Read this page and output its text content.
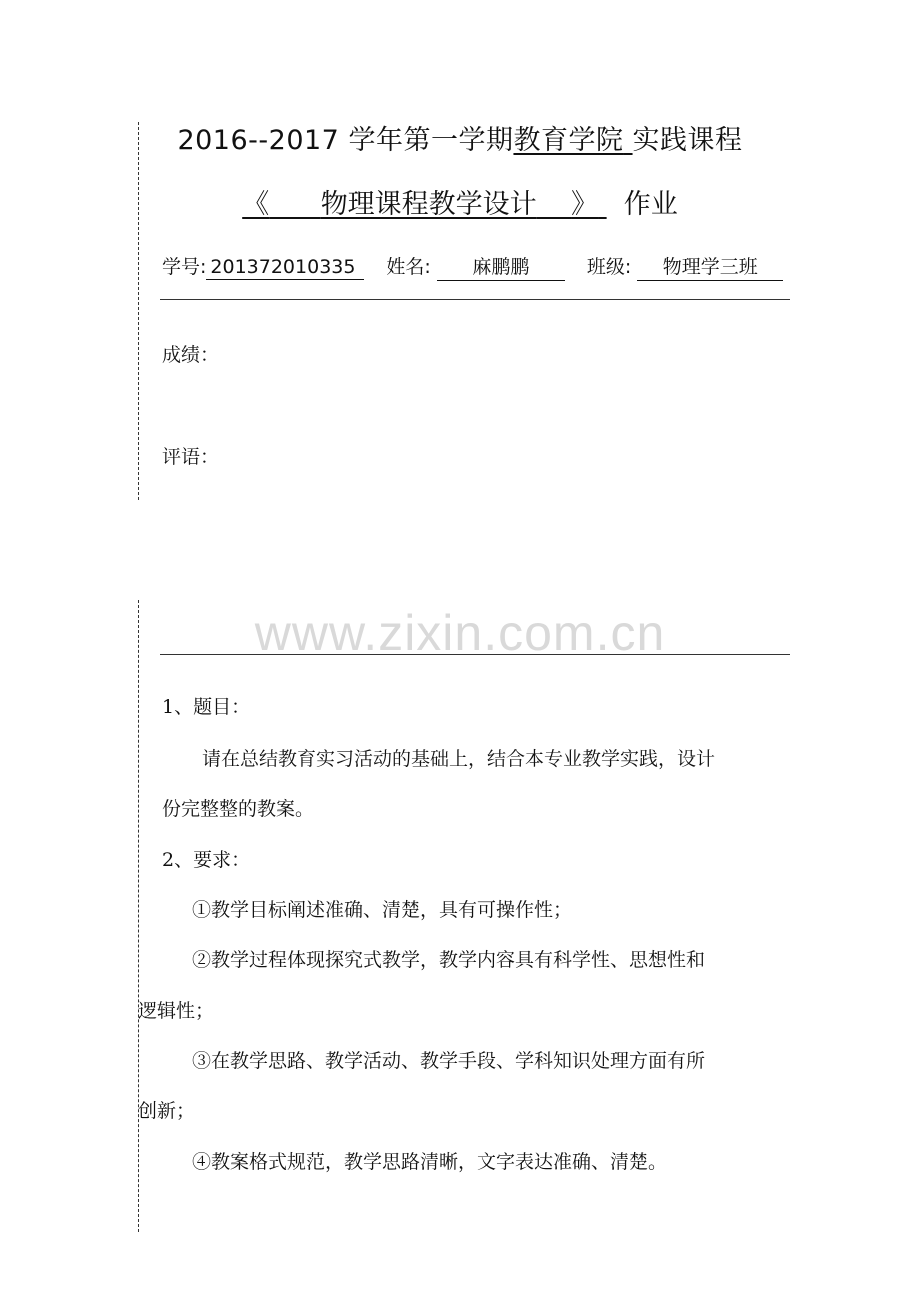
2016--2017 学年第一学期教育学院 实践课程
《 物理课程教学设计 》 作业
学号: 201372010335 姓名: 麻鹏鹏	班级: 物理学三班
成绩：
评语：
www.zixin.com.cn
1、题目：
请在总结教育实习活动的基础上，结合本专业教学实践，设计
份完整整的教案。
2、要求：
①教学目标阐述准确、清楚，具有可操作性；
②教学过程体现探究式教学，教学内容具有科学性、思想性和
逻辑性；
③在教学思路、教学活动、教学手段、学科知识处理方面有所
创新；
④教案格式规范，教学思路清晰，文字表达准确、清楚。
